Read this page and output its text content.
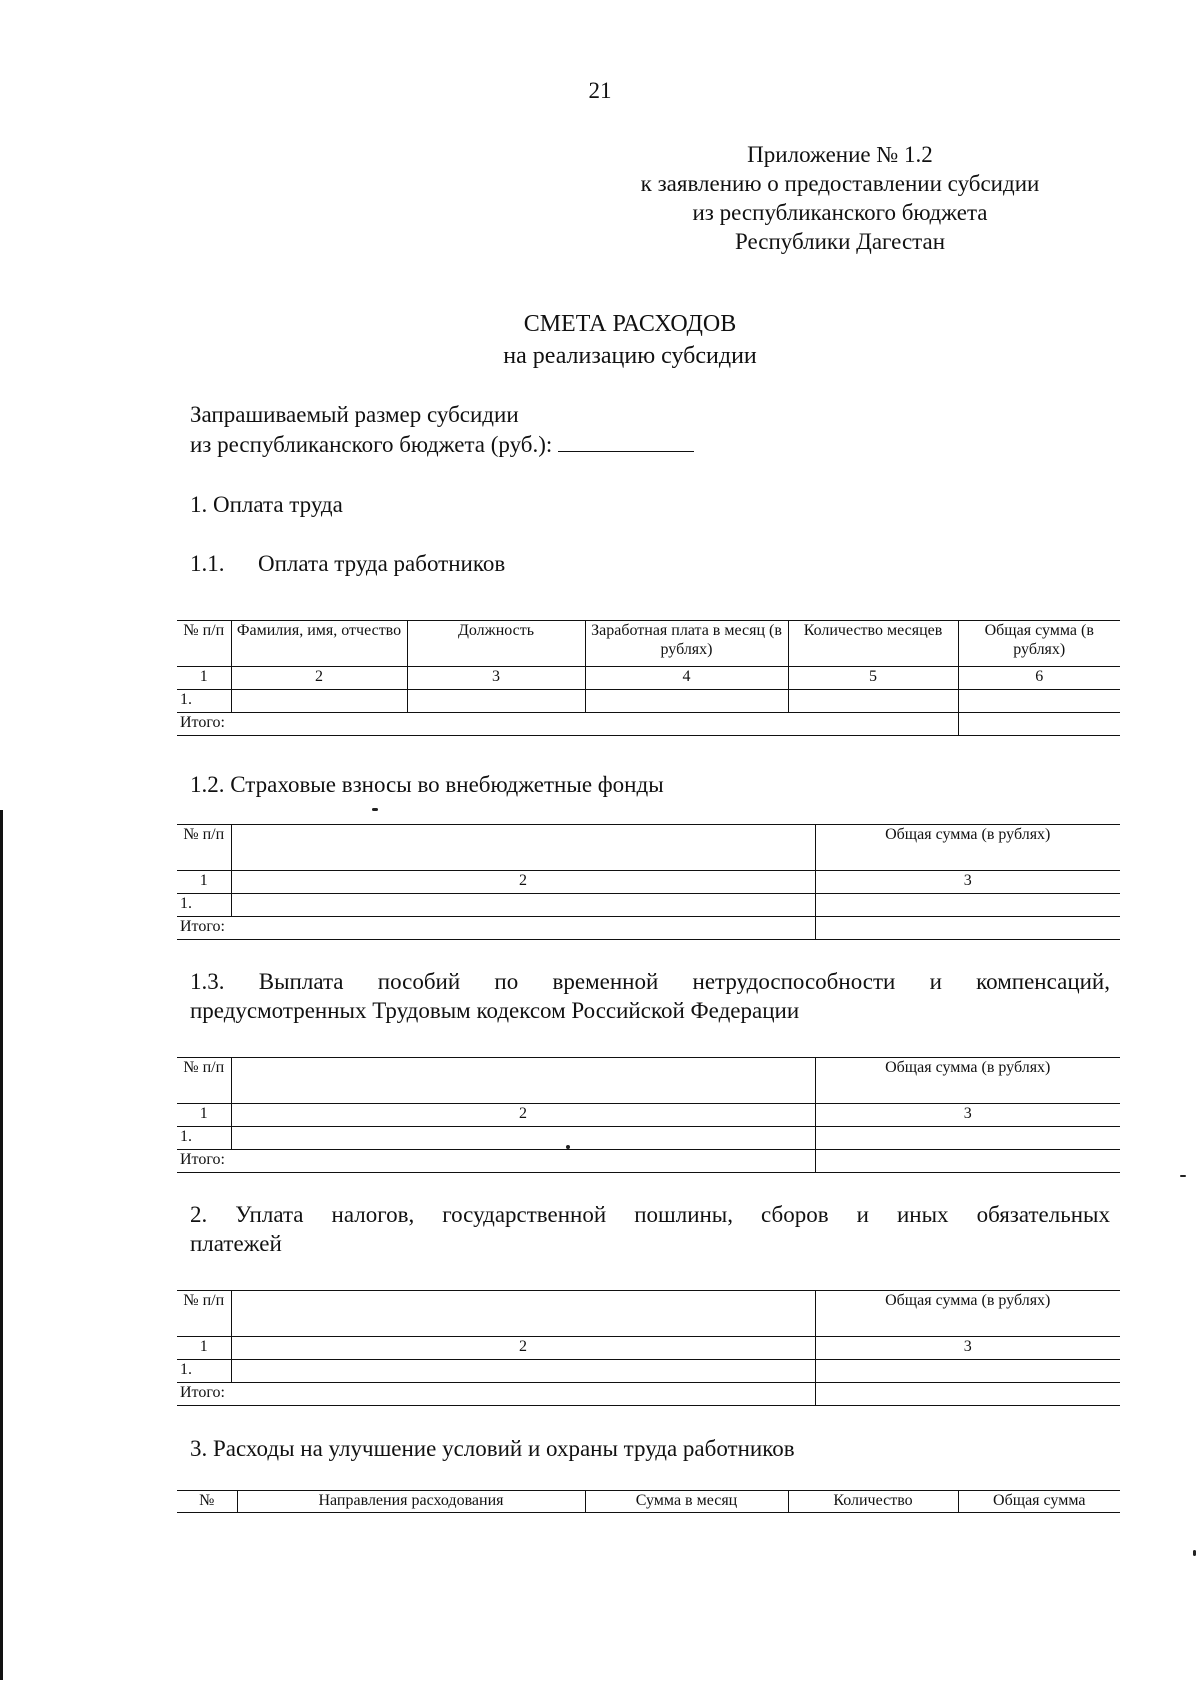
21
Приложение № 1.2
к заявлению о предоставлении субсидии
из республиканского бюджета
Республики Дагестан
СМЕТА РАСХОДОВ
на реализацию субсидии
Запрашиваемый размер субсидии
из республиканского бюджета (руб.):
1. Оплата труда
1.1. Оплата труда работников
№ п/п	Фамилия, имя, отчество	Должность	Заработная плата в месяц (в рублях)	Количество месяцев	Общая сумма (в рублях)
1	2	3	4	5	6
1.					
Итого:					
1.2. Страховые взносы во внебюджетные фонды
№ п/п		Общая сумма (в рублях)
1	2	3
1.		
Итого:		
1.3. Выплата пособий по временной нетрудоспособности и компенсаций,
предусмотренных Трудовым кодексом Российской Федерации
№ п/п		Общая сумма (в рублях)
1	2	3
1.		
Итого:		
2. Уплата налогов, государственной пошлины, сборов и иных обязательных
платежей
№ п/п		Общая сумма (в рублях)
1	2	3
1.		
Итого:		
3. Расходы на улучшение условий и охраны труда работников
№	Направления расходования	Сумма в месяц	Количество	Общая сумма
